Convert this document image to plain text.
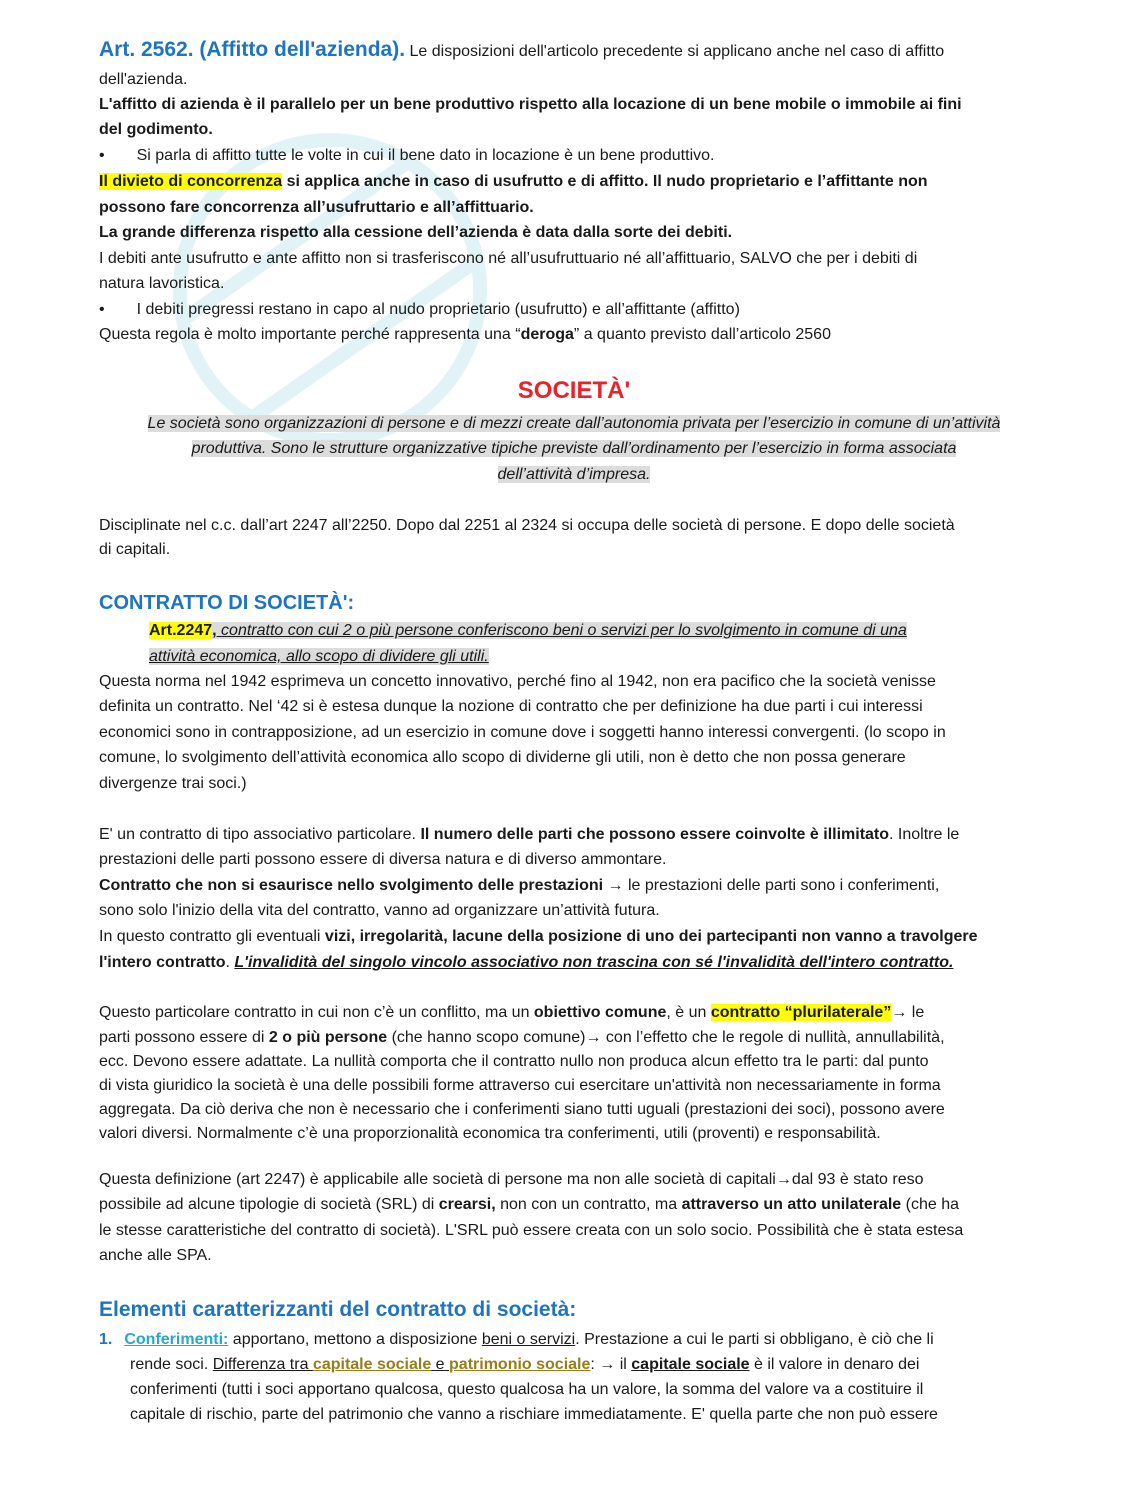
Art. 2562. (Affitto dell'azienda). Le disposizioni dell'articolo precedente si applicano anche nel caso di affitto
dell'azienda.
L'affitto di azienda è il parallelo per un bene produttivo rispetto alla locazione di un bene mobile o immobile ai fini
del godimento.
• Si parla di affitto tutte le volte in cui il bene dato in locazione è un bene produttivo.
Il divieto di concorrenza si applica anche in caso di usufrutto e di affitto. Il nudo proprietario e l’affittante non
possono fare concorrenza all’usufruttario e all’affittuario.
La grande differenza rispetto alla cessione dell’azienda è data dalla sorte dei debiti.
I debiti ante usufrutto e ante affitto non si trasferiscono né all’usufruttuario né all’affittuario, SALVO che per i debiti di
natura lavoristica.
• I debiti pregressi restano in capo al nudo proprietario (usufrutto) e all’affittante (affitto)
Questa regola è molto importante perché rappresenta una “deroga” a quanto previsto dall’articolo 2560
SOCIETÀ'
Le società sono organizzazioni di persone e di mezzi create dall’autonomia privata per l’esercizio in comune di un’attività
produttiva. Sono le strutture organizzative tipiche previste dall’ordinamento per l’esercizio in forma associata
dell’attività d’impresa.
Disciplinate nel c.c. dall’art 2247 all’2250. Dopo dal 2251 al 2324 si occupa delle società di persone. E dopo delle società
di capitali.
CONTRATTO DI SOCIETÀ':
Art.2247, contratto con cui 2 o più persone conferiscono beni o servizi per lo svolgimento in comune di una
attività economica, allo scopo di dividere gli utili.
Questa norma nel 1942 esprimeva un concetto innovativo, perché fino al 1942, non era pacifico che la società venisse
definita un contratto. Nel ‘42 si è estesa dunque la nozione di contratto che per definizione ha due parti i cui interessi
economici sono in contrapposizione, ad un esercizio in comune dove i soggetti hanno interessi convergenti. (lo scopo in
comune, lo svolgimento dell’attività economica allo scopo di dividerne gli utili, non è detto che non possa generare
divergenze trai soci.)
E' un contratto di tipo associativo particolare. Il numero delle parti che possono essere coinvolte è illimitato. Inoltre le
prestazioni delle parti possono essere di diversa natura e di diverso ammontare.
Contratto che non si esaurisce nello svolgimento delle prestazioni → le prestazioni delle parti sono i conferimenti,
sono solo l'inizio della vita del contratto, vanno ad organizzare un’attività futura.
In questo contratto gli eventuali vizi, irregolarità, lacune della posizione di uno dei partecipanti non vanno a travolgere
l'intero contratto. L'invalidità del singolo vincolo associativo non trascina con sé l'invalidità dell'intero contratto.
Questo particolare contratto in cui non c’è un conflitto, ma un obiettivo comune, è un contratto “plurilaterale”→ le
parti possono essere di 2 o più persone (che hanno scopo comune)→ con l’effetto che le regole di nullità, annullabilità,
ecc. Devono essere adattate. La nullità comporta che il contratto nullo non produca alcun effetto tra le parti: dal punto
di vista giuridico la società è una delle possibili forme attraverso cui esercitare un'attività non necessariamente in forma
aggregata. Da ciò deriva che non è necessario che i conferimenti siano tutti uguali (prestazioni dei soci), possono avere
valori diversi. Normalmente c’è una proporzionalità economica tra conferimenti, utili (proventi) e responsabilità.
Questa definizione (art 2247) è applicabile alle società di persone ma non alle società di capitali→dal 93 è stato reso
possibile ad alcune tipologie di società (SRL) di crearsi, non con un contratto, ma attraverso un atto unilaterale (che ha
le stesse caratteristiche del contratto di società). L'SRL può essere creata con un solo socio. Possibilità che è stata estesa
anche alle SPA.
Elementi caratterizzanti del contratto di società:
1. Conferimenti: apportano, mettono a disposizione beni o servizi. Prestazione a cui le parti si obbligano, è ciò che li
rende soci. Differenza tra capitale sociale e patrimonio sociale: → il capitale sociale è il valore in denaro dei
conferimenti (tutti i soci apportano qualcosa, questo qualcosa ha un valore, la somma del valore va a costituire il
capitale di rischio, parte del patrimonio che vanno a rischiare immediatamente. E' quella parte che non può essere
